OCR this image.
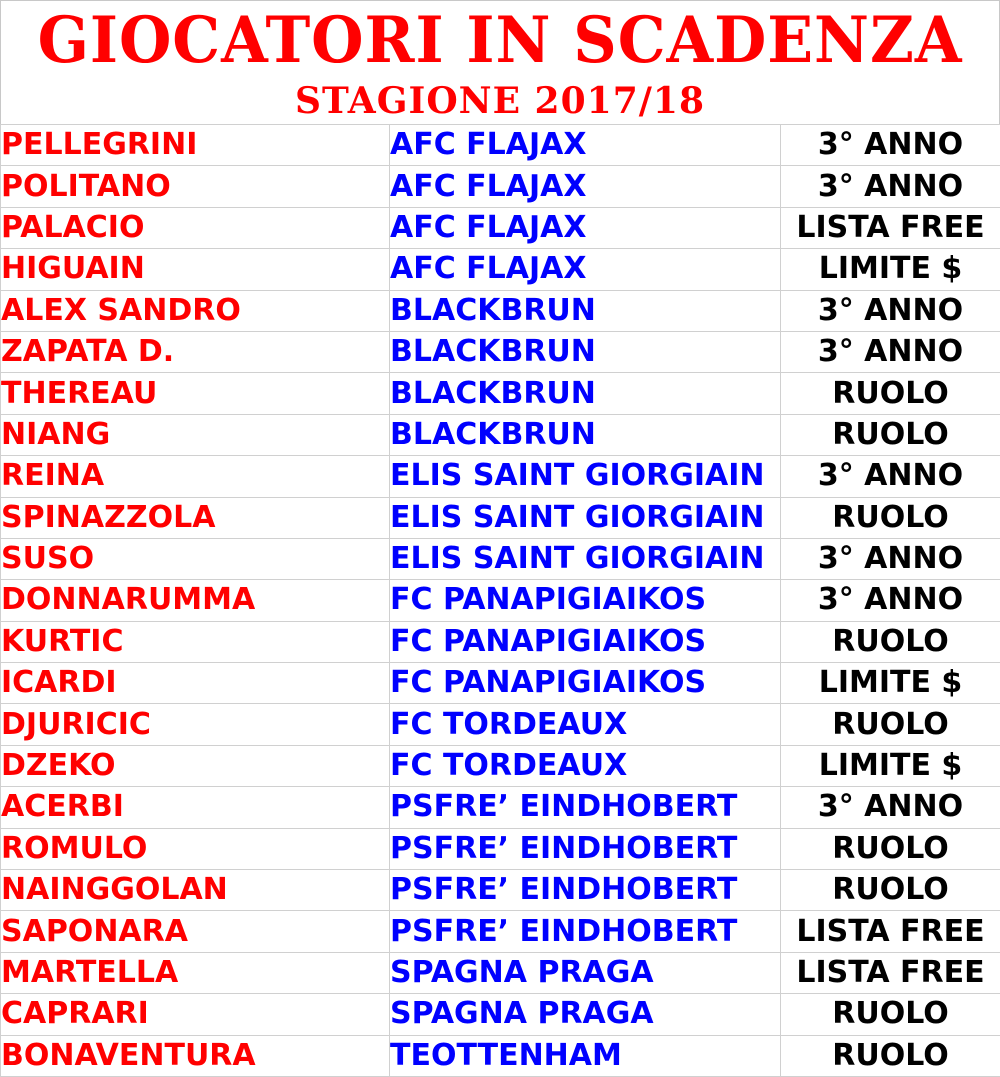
GIOCATORI IN SCADENZA
STAGIONE 2017/18
PELLEGRINI	AFC FLAJAX	3° ANNO
POLITANO	AFC FLAJAX	3° ANNO
PALACIO	AFC FLAJAX	LISTA FREE
HIGUAIN	AFC FLAJAX	LIMITE $
ALEX SANDRO	BLACKBRUN	3° ANNO
ZAPATA D.	BLACKBRUN	3° ANNO
THEREAU	BLACKBRUN	RUOLO
NIANG	BLACKBRUN	RUOLO
REINA	ELIS SAINT GIORGIAIN	3° ANNO
SPINAZZOLA	ELIS SAINT GIORGIAIN	RUOLO
SUSO	ELIS SAINT GIORGIAIN	3° ANNO
DONNARUMMA	FC PANAPIGIAIKOS	3° ANNO
KURTIC	FC PANAPIGIAIKOS	RUOLO
ICARDI	FC PANAPIGIAIKOS	LIMITE $
DJURICIC	FC TORDEAUX	RUOLO
DZEKO	FC TORDEAUX	LIMITE $
ACERBI	PSFRE’ EINDHOBERT	3° ANNO
ROMULO	PSFRE’ EINDHOBERT	RUOLO
NAINGGOLAN	PSFRE’ EINDHOBERT	RUOLO
SAPONARA	PSFRE’ EINDHOBERT	LISTA FREE
MARTELLA	SPAGNA PRAGA	LISTA FREE
CAPRARI	SPAGNA PRAGA	RUOLO
BONAVENTURA	TEOTTENHAM	RUOLO
